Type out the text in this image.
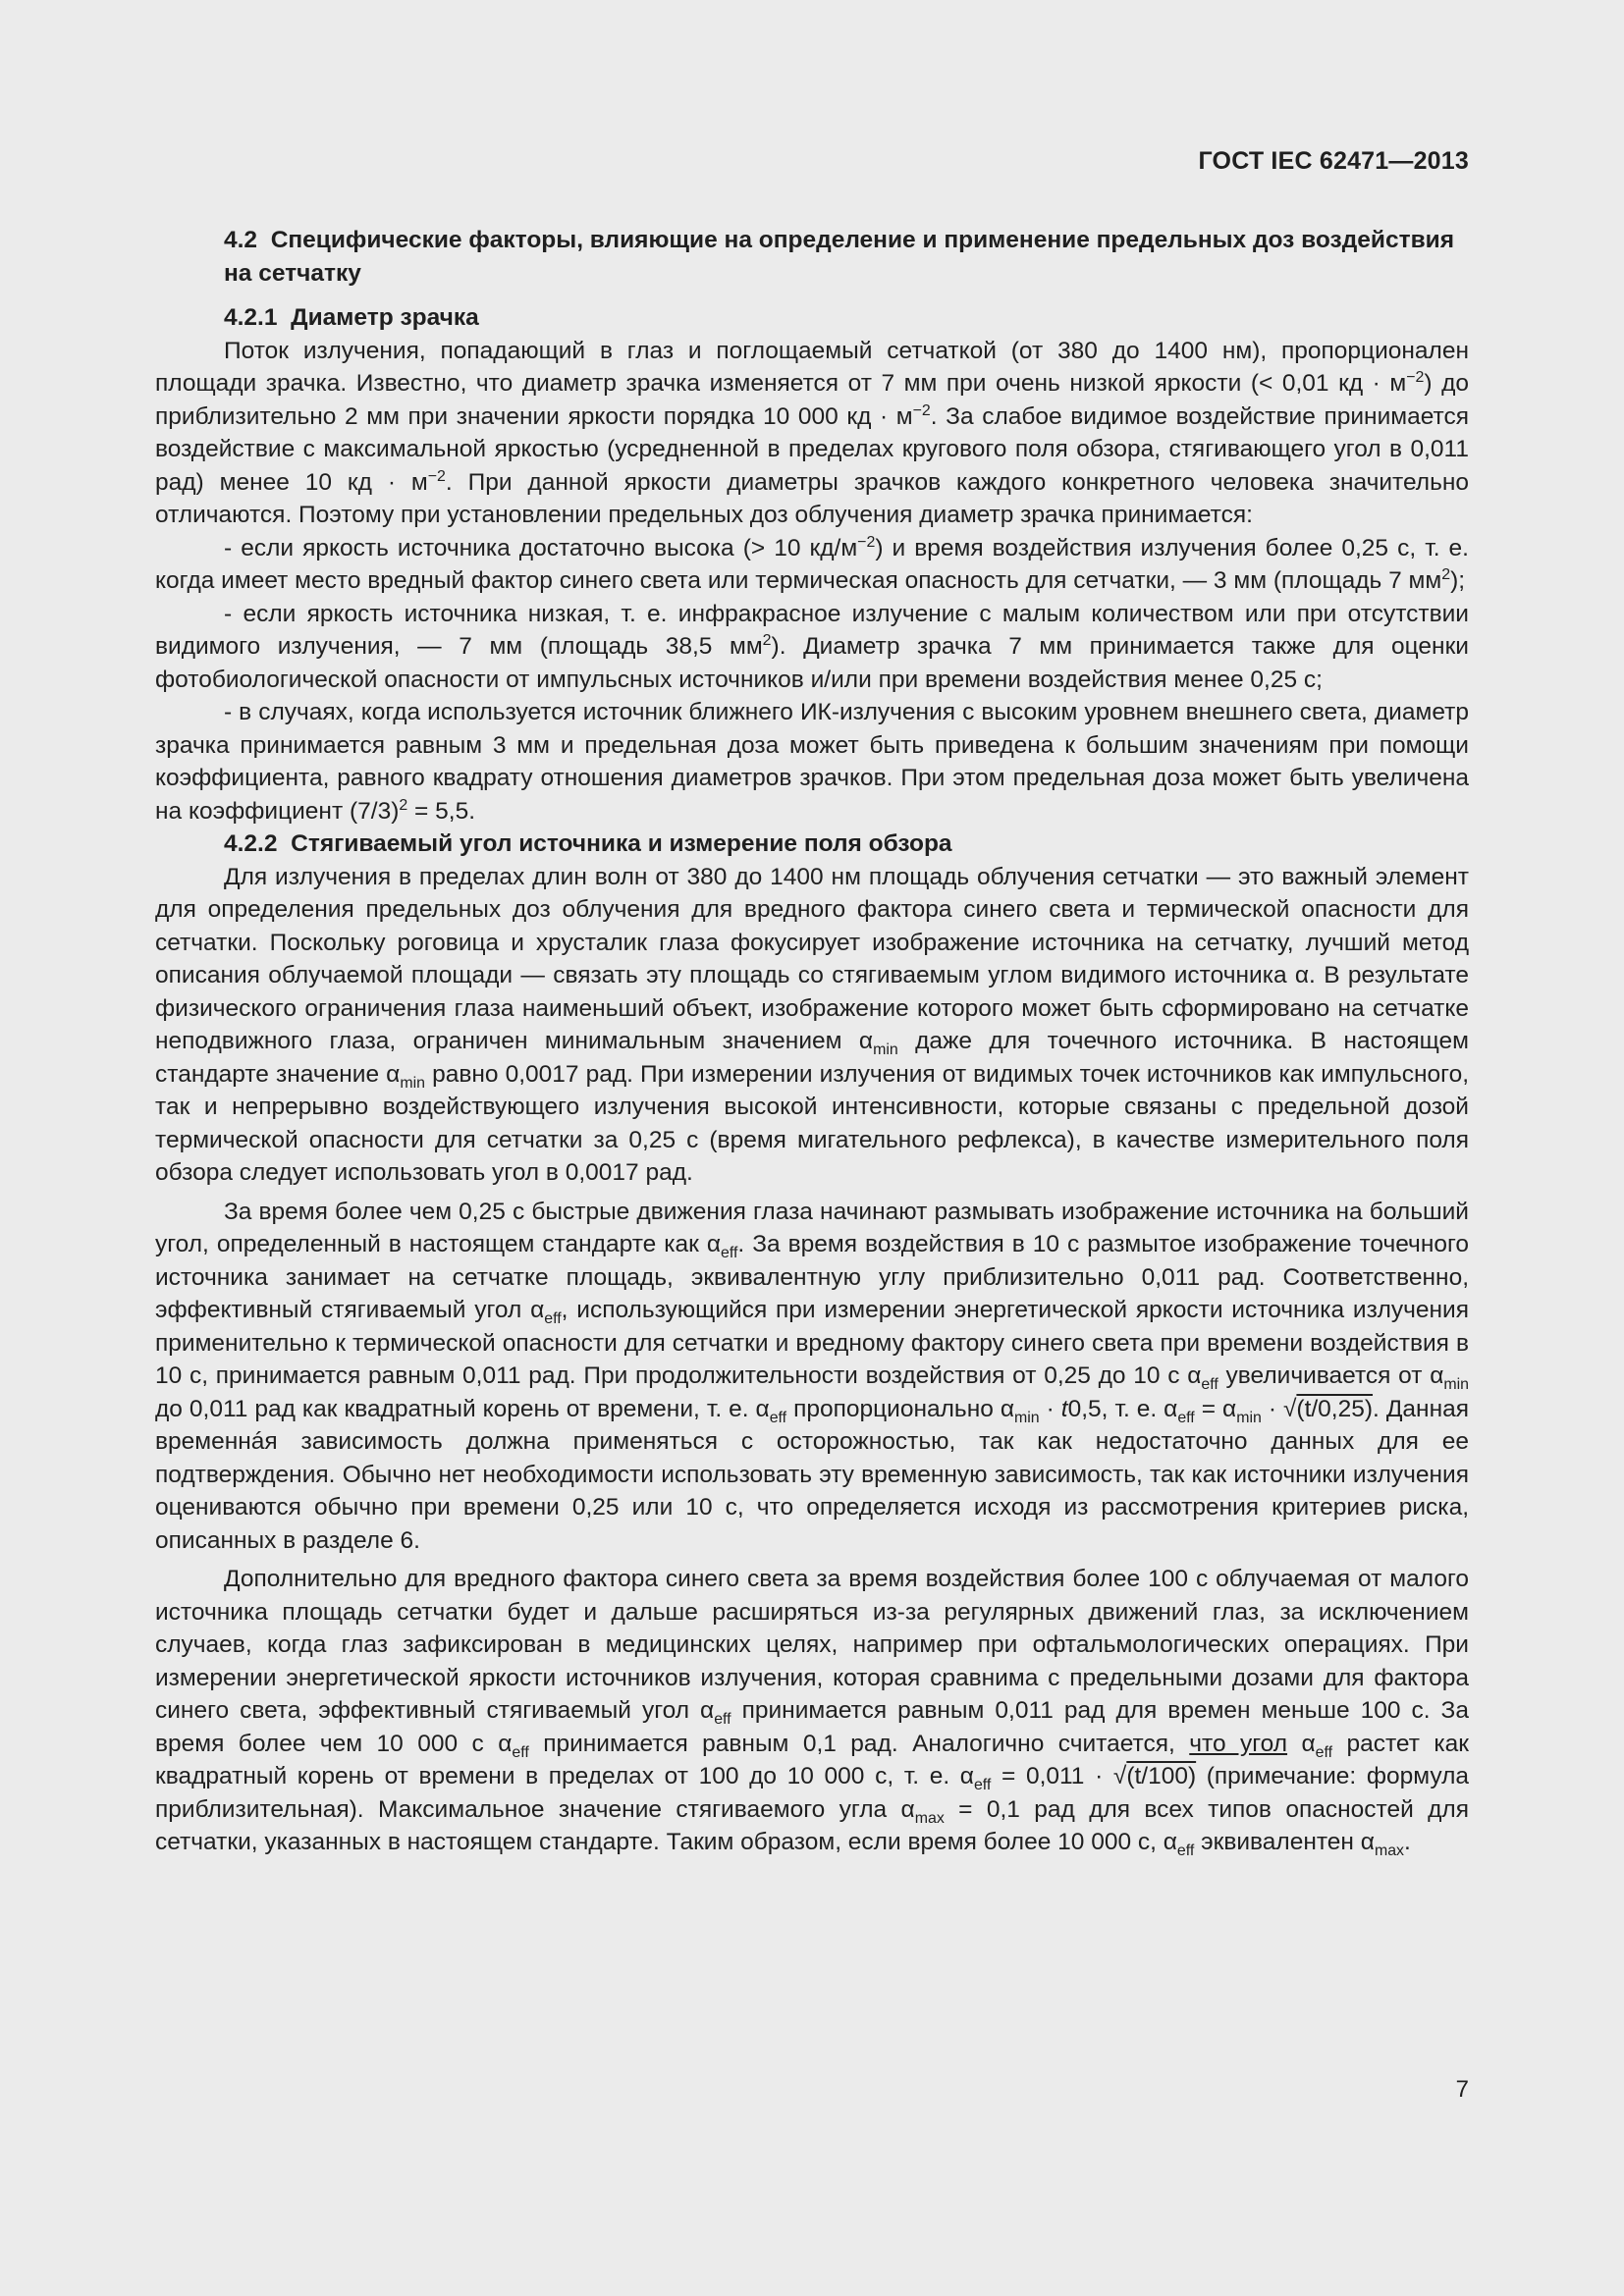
ГОСТ IEC 62471—2013
4.2 Специфические факторы, влияющие на определение и применение предельных доз воздействия на сетчатку
4.2.1 Диаметр зрачка

Поток излучения, попадающий в глаз и поглощаемый сетчаткой (от 380 до 1400 нм), пропорционален площади зрачка. Известно, что диаметр зрачка изменяется от 7 мм при очень низкой яркости (< 0,01 кд · $м^{-2}$) до приблизительно 2 мм при значении яркости порядка 10 000 кд · $м^{-2}$. За слабое видимое воздействие принимается воздействие с максимальной яркостью (усредненной в пределах кругового поля обзора, стягивающего угол в 0,011 рад) менее 10 кд · $м^{-2}$. При данной яркости диаметры зрачков каждого конкретного человека значительно отличаются. Поэтому при установлении предельных доз облучения диаметр зрачка принимается:

- если яркость источника достаточно высока (> 10 $кд/м^{-2}$) и время воздействия излучения более 0,25 с, т. е. когда имеет место вредный фактор синего света или термическая опасность для сетчатки, — 3 мм (площадь 7 $мм^2$);

- если яркость источника низкая, т. е. инфракрасное излучение с малым количеством или при отсутствии видимого излучения, — 7 мм (площадь 38,5 $мм^2$). Диаметр зрачка 7 мм принимается также для оценки фотобиологической опасности от импульсных источников и/или при времени воздействия менее 0,25 с;

- в случаях, когда используется источник ближнего ИК-излучения с высоким уровнем внешнего света, диаметр зрачка принимается равным 3 мм и предельная доза может быть приведена к большим значениям при помощи коэффициента, равного квадрату отношения диаметров зрачков. При этом предельная доза может быть увеличена на коэффициент $(7/3)^2 = 5,5$.

4.2.2 Стягиваемый угол источника и измерение поля обзора

Для излучения в пределах длин волн от 380 до 1400 нм площадь облучения сетчатки — это важный элемент для определения предельных доз облучения для вредного фактора синего света и термической опасности для сетчатки. Поскольку роговица и хрусталик глаза фокусирует изображение источника на сетчатку, лучший метод описания облучаемой площади — связать эту площадь со стягиваемым углом видимого источника α. В результате физического ограничения глаза наименьший объект, изображение которого может быть сформировано на сетчатке неподвижного глаза, ограничен минимальным значением $\alpha_{min}$ даже для точечного источника. В настоящем стандарте значение $\alpha_{min}$ равно 0,0017 рад. При измерении излучения от видимых точек источников как импульсного, так и непрерывно воздействующего излучения высокой интенсивности, которые связаны с предельной дозой термической опасности для сетчатки за 0,25 с (время мигательного рефлекса), в качестве измерительного поля обзора следует использовать угол в 0,0017 рад.

За время более чем 0,25 с быстрые движения глаза начинают размывать изображение источника на больший угол, определенный в настоящем стандарте как $\alpha_{eff}$. За время воздействия в 10 с размытое изображение точечного источника занимает на сетчатке площадь, эквивалентную углу приблизительно 0,011 рад. Соответственно, эффективный стягиваемый угол $\alpha_{eff}$, использующийся при измерении энергетической яркости источника излучения применительно к термической опасности для сетчатки и вредному фактору синего света при времени воздействия в 10 с, принимается равным 0,011 рад. При продолжительности воздействия от 0,25 до 10 с $\alpha_{eff}$ увеличивается от $\alpha_{min}$ до 0,011 рад как квадратный корень от времени, т. е. $\alpha_{eff}$ пропорционально $\alpha_{min} \cdot t0,5$, т. е. $\alpha_{eff} = \alpha_{min} \cdot √(t/0,25)$. Данная временнáя зависимость должна применяться с осторожностью, так как недостаточно данных для ее подтверждения. Обычно нет необходимости использовать эту временную зависимость, так как источники излучения оцениваются обычно при времени 0,25 или 10 с, что определяется исходя из рассмотрения критериев риска, описанных в разделе 6.

Дополнительно для вредного фактора синего света за время воздействия более 100 с облучаемая от малого источника площадь сетчатки будет и дальше расширяться из-за регулярных движений глаз, за исключением случаев, когда глаз зафиксирован в медицинских целях, например при офтальмологических операциях. При измерении энергетической яркости источников излучения, которая сравнима с предельными дозами для фактора синего света, эффективный стягиваемый угол $\alpha_{eff}$ принимается равным 0,011 рад для времен меньше 100 с. За время более чем 10 000 с $\alpha_{eff}$ принимается равным 0,1 рад. Аналогично считается, что угол $\alpha_{eff}$ растет как квадратный корень от времени в пределах от 100 до 10 000 с, т. е. $\alpha_{eff} = 0,011 \cdot √(t/100)$ (примечание: формула приблизительная). Максимальное значение стягиваемого угла $\alpha_{max} = 0,1$ рад для всех типов опасностей для сетчатки, указанных в настоящем стандарте. Таким образом, если время более 10 000 с, $\alpha_{eff}$ эквивалентен $\alpha_{max}$.

7
